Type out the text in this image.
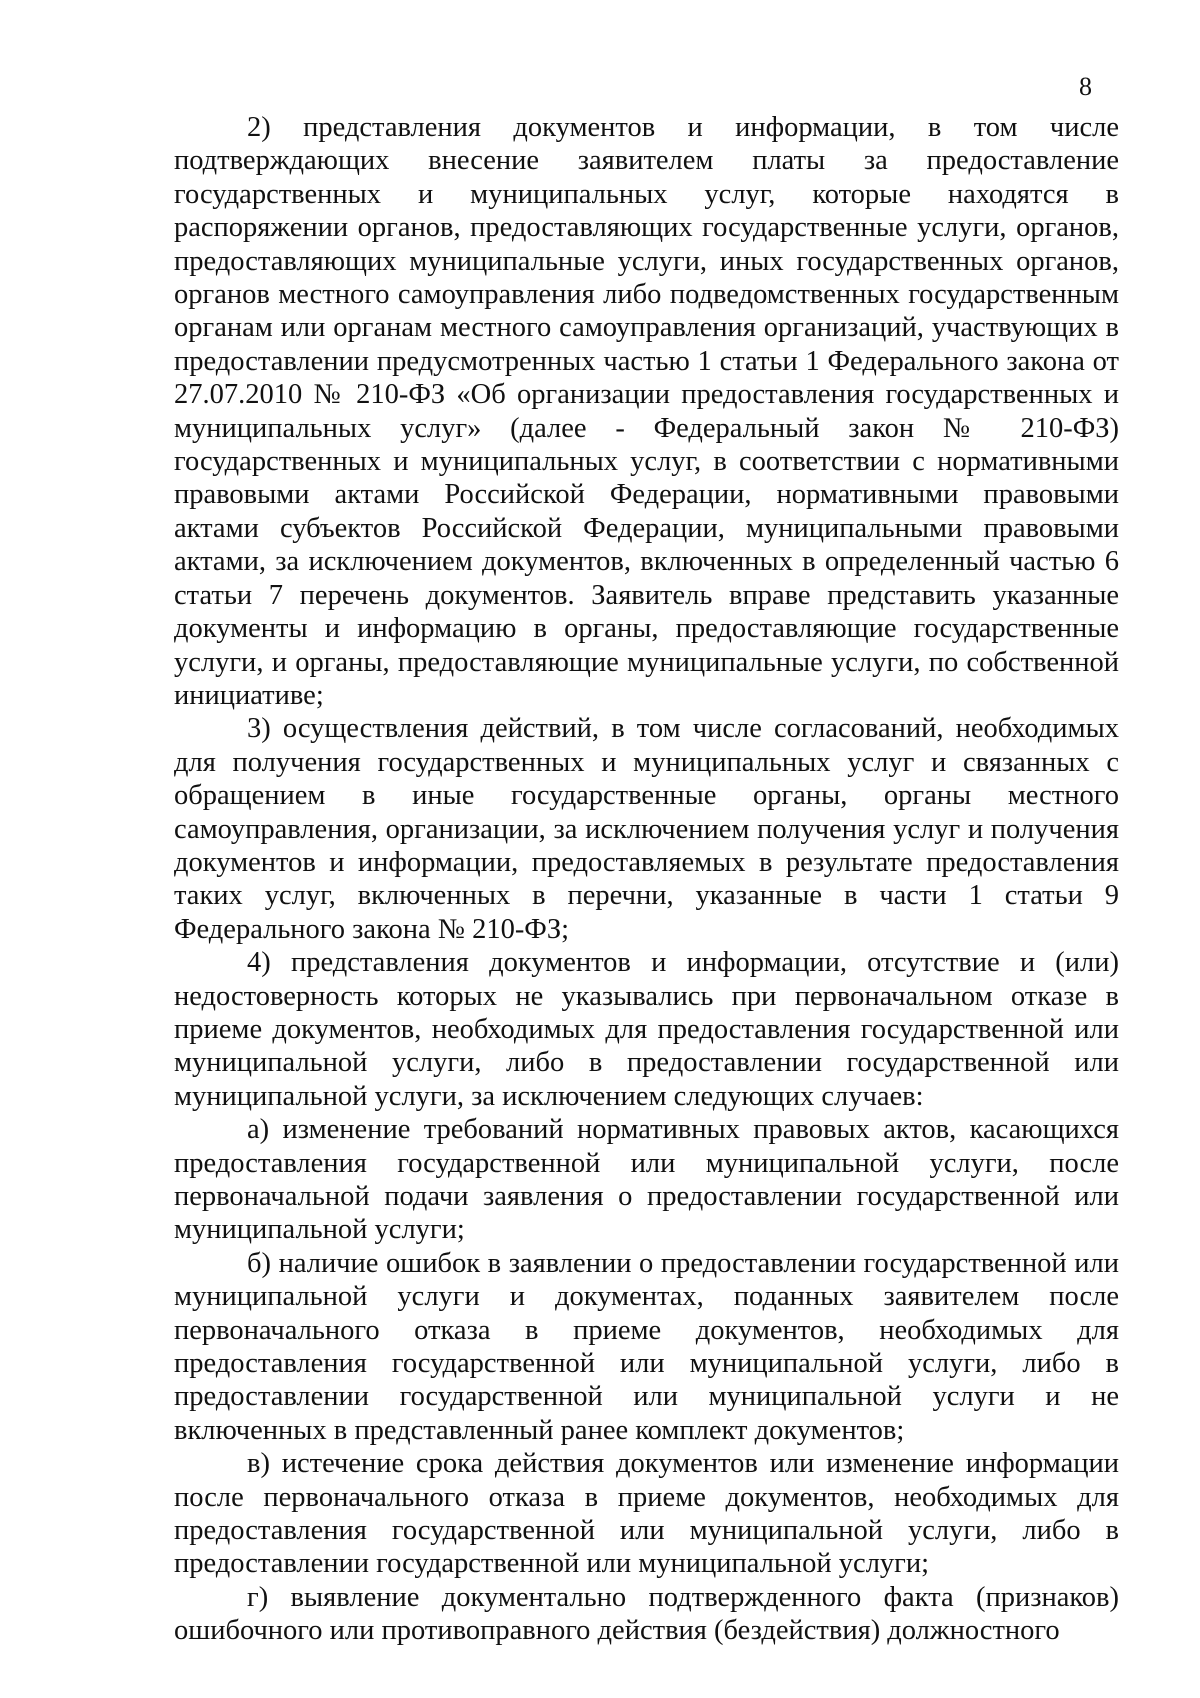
8

2) представления документов и информации, в том числе подтверждающих внесение заявителем платы за предоставление государственных и муниципальных услуг, которые находятся в распоряжении органов, предоставляющих государственные услуги, органов, предоставляющих муниципальные услуги, иных государственных органов, органов местного самоуправления либо подведомственных государственным органам или органам местного самоуправления организаций, участвующих в предоставлении предусмотренных частью 1 статьи 1 Федерального закона от 27.07.2010 № 210-ФЗ «Об организации предоставления государственных и муниципальных услуг» (далее - Федеральный закон № 210-ФЗ) государственных и муниципальных услуг, в соответствии с нормативными правовыми актами Российской Федерации, нормативными правовыми актами субъектов Российской Федерации, муниципальными правовыми актами, за исключением документов, включенных в определенный частью 6 статьи 7 перечень документов. Заявитель вправе представить указанные документы и информацию в органы, предоставляющие государственные услуги, и органы, предоставляющие муниципальные услуги, по собственной инициативе;

3) осуществления действий, в том числе согласований, необходимых для получения государственных и муниципальных услуг и связанных с обращением в иные государственные органы, органы местного самоуправления, организации, за исключением получения услуг и получения документов и информации, предоставляемых в результате предоставления таких услуг, включенных в перечни, указанные в части 1 статьи 9 Федерального закона № 210-ФЗ;

4) представления документов и информации, отсутствие и (или) недостоверность которых не указывались при первоначальном отказе в приеме документов, необходимых для предоставления государственной или муниципальной услуги, либо в предоставлении государственной или муниципальной услуги, за исключением следующих случаев:

а) изменение требований нормативных правовых актов, касающихся предоставления государственной или муниципальной услуги, после первоначальной подачи заявления о предоставлении государственной или муниципальной услуги;

б) наличие ошибок в заявлении о предоставлении государственной или муниципальной услуги и документах, поданных заявителем после первоначального отказа в приеме документов, необходимых для предоставления государственной или муниципальной услуги, либо в предоставлении государственной или муниципальной услуги и не включенных в представленный ранее комплект документов;

в) истечение срока действия документов или изменение информации после первоначального отказа в приеме документов, необходимых для предоставления государственной или муниципальной услуги, либо в предоставлении государственной или муниципальной услуги;

г) выявление документально подтвержденного факта (признаков) ошибочного или противоправного действия (бездействия) должностного
